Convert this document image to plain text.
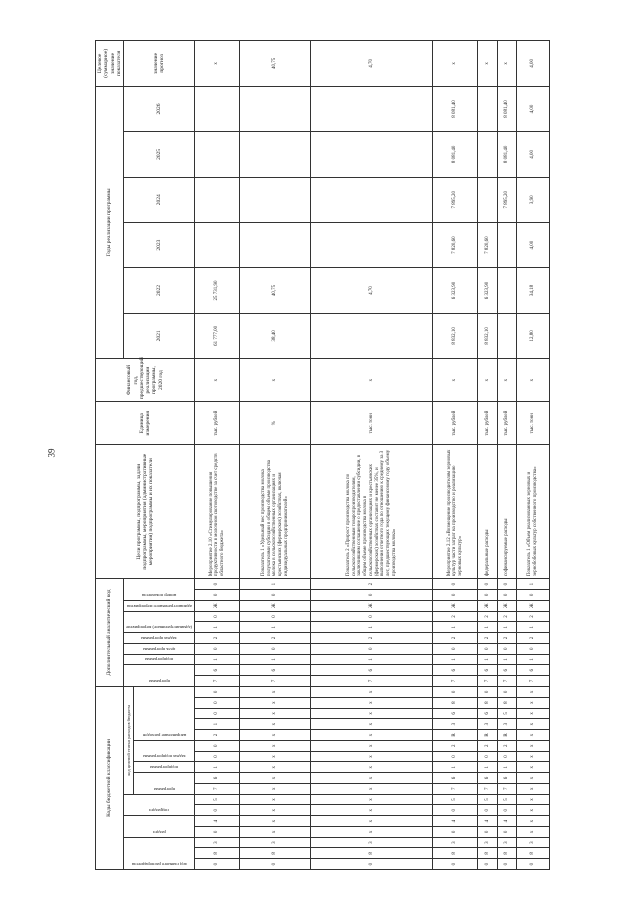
39
Коды бюджетной классификации																	Дополнительный аналитический код										Цели программы, подпрограммы, задачи подпрограммы, мероприятия (административные мероприятия) подпрограммы и их показатели	Единица измерения	Финансовый год, предшествующий реализации программы, 2020 год	Годы реализации программы						Целевое (суммарное) значение показателя

код главного распорядителя			раздел		подраздел		код целевой статьи расходов бюджета										программа		подпрограмма	цель программы	задача программы	(административное) мероприятие		административного мероприятия	номер показателя					2021	2022	2023	2024	2025	2026	значение прогноз

							программа		подпрограмма	задача подпрограммы		направление расходов																								

0	8	3	0	4	0	5	7	6	1	0	0	2	1	0	0	0	7	6	1	0	2	1	0	Ж	0	0	Мероприятие 2.10 «Стимулирование повышения продуктивности в молочном скотоводстве за счет средств областного бюджета»	тыс. рублей	х	61 777,00	25 731,90					х
0	8	3	х	х	х	х	х	х	х	х	х	х	х	х	х	х	7	6	1	0	2	1	0	Ж	0	1	Показатель 1 «Удельный вес производства молока получателями субсидии в общем объеме производства молока в сельскохозяйственных организациях и крестьянских (фермерских) хозяйствах, включая индивидуальных предпринимателей»	%	х	38,40	40,75					40,75
0	8	3	х	х	х	х	х	х	х	х	х	х	х	х	х	х	7	6	1	0	2	1	0	Ж	0	2	Показатель 2 «Прирост производства молока по сельскохозяйственным товаропроизводителям, заключившим соглашение о предоставлении субсидии, в общем объеме производства молока в сельскохозяйственных организациях и крестьянских (фермерских) хозяйствах составит не менее 35%, и выполнения отчетного года по отношению к среднему за 3 лет, предшествующих текущему финансовому году объему производства молока»	тыс. тонн	х		4,70					4,70
0	8	3	0	4	0	5	7	6	1	0	2	R	3	6	8	0	7	6	1	0	2	1	2	Ж	0	0	Мероприятие 2.12 «Возмещение производителям зерновых культур части затрат на производство и реализацию зерновых культур»	тыс. рублей	х	8 832,10	6 323,90	7 820,60	7 895,20	8 081,40	8 081,40	х
0	8	3	0	4	0	5	7	6	1	0	2	R	3	6	8	0	7	6	1	0	2	1	2	Ж	0	0	федеральные расходы	тыс. рублей	х	8 832,10	6 323,90	7 820,60				х
0	8	3	0	4	0	5	7	6	1	0	2	R	3	5	8	0	7	6	1	0	2	1	2	Ж	0	0	софинансируемые расходы	тыс. рублей	х				7 895,20	8 081,40	8 081,40	х
0	8	3	х	х	х	х	х	х	х	х	х	х	х	х	х	х	7	6	1	0	2	1	2	Ж	0	1	Показатель 1 «Объем реализованных зерновых и зернобобовых культур собственного производства»	тыс. тонн	х	12,80	34,18	4,00	3,90	4,00	4,00	4,00
